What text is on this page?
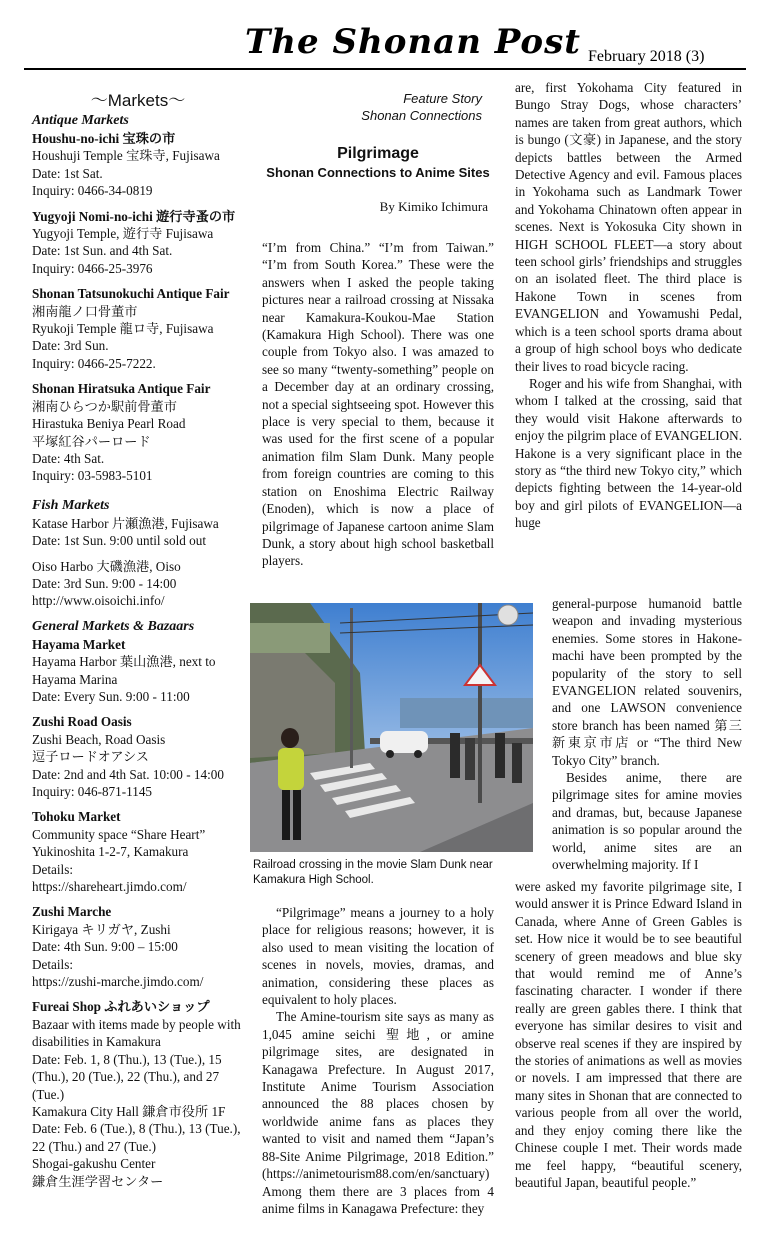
The Shonan Post February 2018 (3)
～Markets～
Antique Markets
Houshu-no-ichi 宝珠の市
Houshuji Temple 宝珠寺, Fujisawa
Date: 1st Sat.
Inquiry: 0466-34-0819
Yugyoji Nomi-no-ichi 遊行寺蚤の市
Yugyoji Temple, 遊行寺 Fujisawa
Date: 1st Sun. and 4th Sat.
Inquiry: 0466-25-3976
Shonan Tatsunokuchi Antique Fair
湘南龍ノ口骨董市
Ryukoji Temple 龍ロ寺, Fujisawa
Date: 3rd Sun.
Inquiry: 0466-25-7222.
Shonan Hiratsuka Antique Fair
湘南ひらつか駅前骨董市
Hirastuka Beniya Pearl Road
平塚紅谷パーロード
Date: 4th Sat.
Inquiry: 03-5983-5101
Fish Markets
Katase Harbor 片瀬漁港, Fujisawa
Date: 1st Sun. 9:00 until sold out
Oiso Harbo 大磯漁港, Oiso
Date: 3rd Sun. 9:00 - 14:00
http://www.oisoichi.info/
General Markets & Bazaars
Hayama Market
Hayama Harbor 葉山漁港, next to Hayama Marina
Date: Every Sun. 9:00 - 11:00
Zushi Road Oasis
Zushi Beach, Road Oasis
逗子ロードオアシス
Date: 2nd and 4th Sat. 10:00 - 14:00
Inquiry: 046-871-1145
Tohoku Market
Community space “Share Heart”
Yukinoshita 1-2-7, Kamakura
Details:
https://shareheart.jimdo.com/
Zushi Marche
Kirigaya キリガヤ, Zushi
Date: 4th Sun. 9:00 – 15:00
Details:
https://zushi-marche.jimdo.com/
Fureai Shop ふれあいショップ
Bazaar with items made by people with disabilities in Kamakura
Date: Feb. 1, 8 (Thu.), 13 (Tue.), 15 (Thu.), 20 (Tue.), 22 (Thu.), and 27 (Tue.)
Kamakura City Hall 鎌倉市役所 1F
Date: Feb. 6 (Tue.), 8 (Thu.), 13 (Tue.), 22 (Thu.) and 27 (Tue.)
Shogai-gakushu Center
鎌倉生涯学習センター
Feature Story
Shonan Connections
Pilgrimage
Shonan Connections to Anime Sites
By Kimiko Ichimura

“I’m from China.” “I’m from Taiwan.” “I’m from South Korea.” These were the answers when I asked the people taking pictures near a railroad crossing at Nissaka near Kamakura-Koukou-Mae Station (Kamakura High School). There was one couple from Tokyo also. I was amazed to see so many “twenty-something” people on a December day at an ordinary crossing, not a special sightseeing spot. However this place is very special to them, because it was used for the first scene of a popular animation film Slam Dunk. Many people from foreign countries are coming to this station on Enoshima Electric Railway (Enoden), which is now a place of pilgrimage of Japanese cartoon anime Slam Dunk, a story about high school basketball players.

Railroad crossing in the movie Slam Dunk near Kamakura High School.

“Pilgrimage” means a journey to a holy place for religious reasons; however, it is also used to mean visiting the location of scenes in novels, movies, dramas, and animation, considering these places as equivalent to holy places.

The Amine-tourism site says as many as 1,045 amine seichi 聖地, or amine pilgrimage sites, are designated in Kanagawa Prefecture. In August 2017, Institute Anime Tourism Association announced the 88 places chosen by worldwide anime fans as places they wanted to visit and named them “Japan’s 88-Site Anime Pilgrimage, 2018 Edition.” (https://animetourism88.com/en/sanctuary) Among them there are 3 places from 4 anime films in Kanagawa Prefecture: they

are, first Yokohama City featured in Bungo Stray Dogs, whose characters’ names are taken from great authors, which is bungo (文豪) in Japanese, and the story depicts battles between the Armed Detective Agency and evil. Famous places in Yokohama such as Landmark Tower and Yokohama Chinatown often appear in scenes. Next is Yokosuka City shown in HIGH SCHOOL FLEET—a story about teen school girls’ friendships and struggles on an isolated fleet. The third place is Hakone Town in scenes from EVANGELION and Yowamushi Pedal, which is a teen school sports drama about a group of high school boys who dedicate their lives to road bicycle racing.

Roger and his wife from Shanghai, with whom I talked at the crossing, said that they would visit Hakone afterwards to enjoy the pilgrim place of EVANGELION. Hakone is a very significant place in the story as “the third new Tokyo city,” which depicts fighting between the 14-year-old boy and girl pilots of EVANGELION—a huge

general-purpose humanoid battle weapon and invading mysterious enemies. Some stores in Hakone-machi have been prompted by the popularity of the story to sell EVANGELION related souvenirs, and one LAWSON convenience store branch has been named 第三新東京市店 or “The third New Tokyo City” branch.

Besides anime, there are pilgrimage sites for amine movies and dramas, but, because Japanese animation is so popular around the world, anime sites are an overwhelming majority. If I

were asked my favorite pilgrimage site, I would answer it is Prince Edward Island in Canada, where Anne of Green Gables is set. How nice it would be to see beautiful scenery of green meadows and blue sky that would remind me of Anne’s fascinating character. I wonder if there really are green gables there. I think that everyone has similar desires to visit and observe real scenes if they are inspired by the stories of animations as well as movies or novels. I am impressed that there are many sites in Shonan that are connected to various people from all over the world, and they enjoy coming there like the Chinese couple I met. Their words made me feel happy, “beautiful scenery, beautiful Japan, beautiful people.”
